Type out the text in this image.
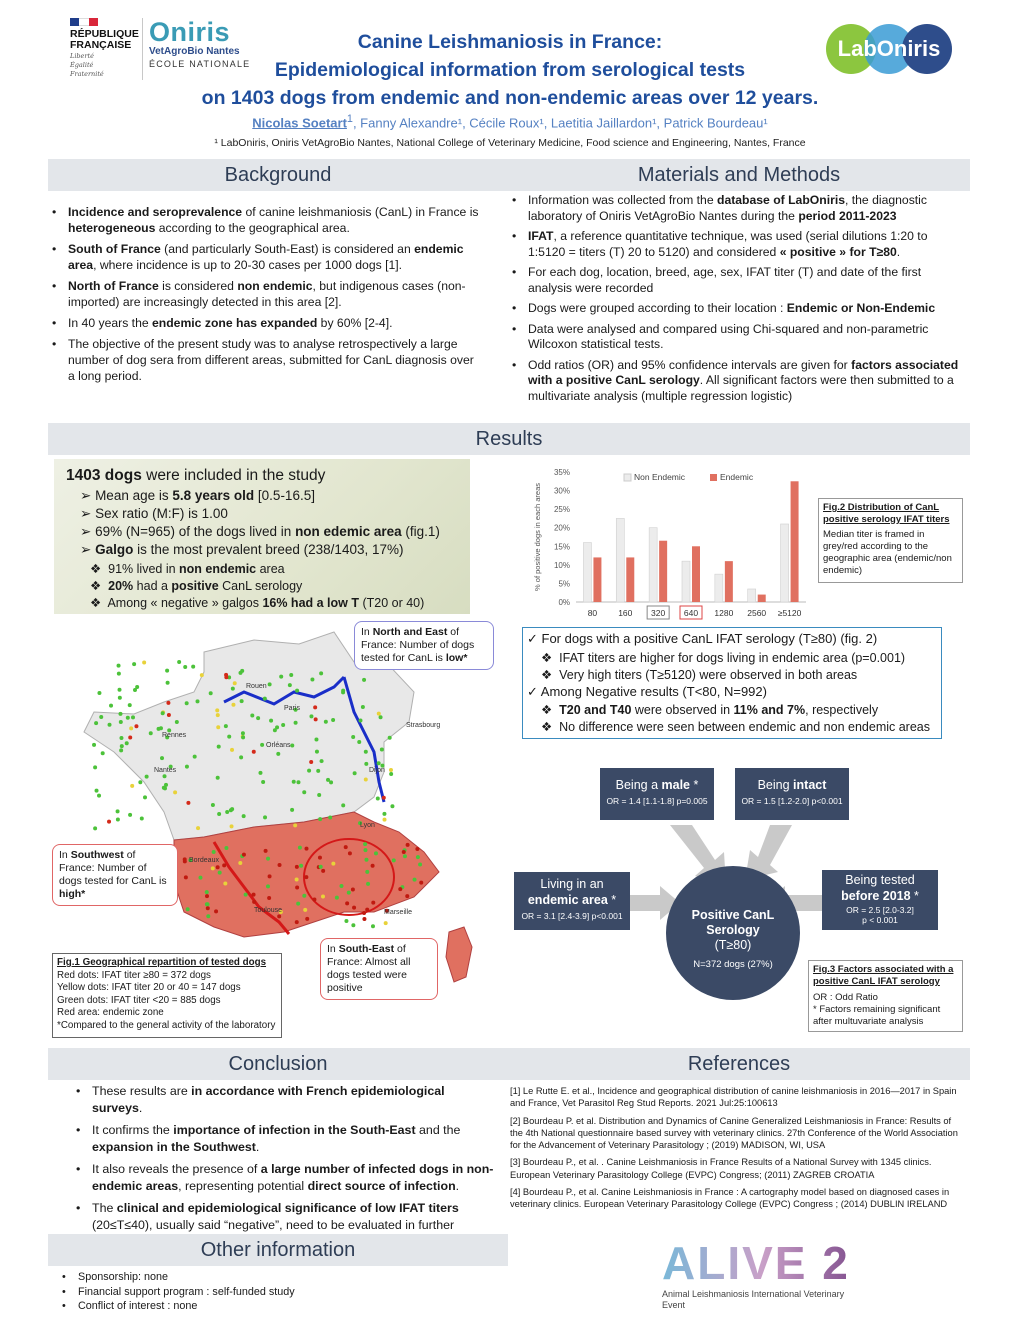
RÉPUBLIQUE
FRANÇAISE
Liberté
Égalité
Fraternité
Oniris
VetAgroBio Nantes
ÉCOLE NATIONALE
Canine Leishmaniosis in France:
Epidemiological information from serological tests
on 1403 dogs from endemic and non-endemic areas over 12 years.
Nicolas Soetart$^1$, Fanny Alexandre¹, Cécile Roux¹, Laetitia Jaillardon¹, Patrick Bourdeau¹
¹ LabOniris, Oniris VetAgroBio Nantes, National College of Veterinary Medicine, Food science and Engineering, Nantes, France
LabOniris
Background
• Incidence and seroprevalence of canine leishmaniosis (CanL) in France is heterogeneous according to the geographical area.
• South of France (and particularly South-East) is considered an endemic area, where incidence is up to 20-30 cases per 1000 dogs [1].
• North of France is considered non endemic, but indigenous cases (non-imported) are increasingly detected in this area [2].
• In 40 years the endemic zone has expanded by 60% [2-4].
• The objective of the present study was to analyse retrospectively a large number of dog sera from different areas, submitted for CanL diagnosis over a long period.
Materials and Methods
• Information was collected from the database of LabOniris, the diagnostic laboratory of Oniris VetAgroBio Nantes during the period 2011-2023
• IFAT, a reference quantitative technique, was used (serial dilutions 1:20 to 1:5120 = titers (T) 20 to 5120) and considered « positive » for T≥80.
• For each dog, location, breed, age, sex, IFAT titer (T) and date of the first analysis were recorded
• Dogs were grouped according to their location : Endemic or Non-Endemic
• Data were analysed and compared using Chi-squared and non-parametric Wilcoxon statistical tests.
• Odd ratios (OR) and 95% confidence intervals are given for factors associated with a positive CanL serology. All significant factors were then submitted to a multivariate analysis (multiple regression logistic)
Results
1403 dogs were included in the study
➢ Mean age is 5.8 years old [0.5-16.5]
➢ Sex ratio (M:F) is 1.00
➢ 69% (N=965) of the dogs lived in non edemic area (fig.1)
➢ Galgo is the most prevalent breed (238/1403, 17%)
❖  91% lived in non endemic area
❖  20% had a positive CanL serology
❖  Among « negative » galgos 16% had a low T (T20 or 40)	0%
5%
10%
15%
20%
25%
30%
35%
% of positive dogs in each areas
80 160 320 640 1280 2560 ≥5120
Non Endemic	Endemic
Fig.2 Distribution of CanL positive serology IFAT titers
Median titer is framed in grey/red according to the geographic area (endemic/non endemic)
✓ For dogs with a positive CanL IFAT serology (T≥80) (fig. 2)
❖  IFAT titers are higher for dogs living in endemic area (p=0.001)
❖  Very high titers (T≥5120) were observed in both areas
✓ Among Negative results (T<80, N=992)
❖  T20 and T40 were observed in 11% and 7%, respectively
❖  No difference were seen between endemic and non endemic areas
Rouen
Paris
Strasbourg
Rennes
Orléans
Nantes	Dijon
Lyon
Bordeaux
Toulouse	Marseille
In North and East of France: Number of dogs tested for CanL is low*
In Southwest of France: Number of dogs tested for CanL is high*
In South-East of France: Almost all dogs tested were positive
Fig.1 Geographical repartition of tested dogs
Red dots: IFAT titer ≥80 = 372 dogs
Yellow dots: IFAT titer 20 or 40 = 147 dogs
Green dots: IFAT titer <20 = 885 dogs
Red area: endemic zone
*Compared to the general activity of the laboratory
Being a male *
OR = 1.4 [1.1-1.8] p=0.005
Being intact
OR = 1.5 [1.2-2.0] p<0.001
Living in an
endemic area *
OR = 3.1 [2.4-3.9] p<0.001
Being tested
before 2018 *
OR = 2.5 [2.0-3.2]
p < 0.001
Positive CanL
Serology
(T≥80)
N=372 dogs (27%)	Fig.3 Factors associated with a positive CanL IFAT serology
OR : Odd Ratio
* Factors remaining significant after multuvariate analysis
Conclusion
• These results are in accordance with French epidemiological surveys.
• It confirms the importance of infection in the South-East and the expansion in the Southwest.
• It also reveals the presence of a large number of infected dogs in non-endemic areas, representing potential direct source of infection.
• The clinical and epidemiological significance of low IFAT titers (20≤T≤40), usually said “negative”, need to be evaluated in further
References

[1] Le Rutte E. et al., Incidence and geographical distribution of canine leishmaniosis in 2016—2017 in Spain and France, Vet Parasitol Reg Stud Reports. 2021 Jul:25:100613

[2] Bourdeau P. et al. Distribution and Dynamics of Canine Generalized Leishmaniosis in France: Results of the 4th National questionnaire based survey with veterinary clinics. 27th Conference of the World Association for the Advancement of Veterinary Parasitology ; (2019) MADISON, WI, USA

[3] Bourdeau P., et al. . Canine Leishmaniosis in France Results of a National Survey with 1345 clinics. European Veterinary Parasitology College (EVPC) Congress; (2011) ZAGREB CROATIA

[4] Bourdeau P., et al. Canine Leishmaniosis in France : A cartography model based on diagnosed cases in veterinary clinics. European Veterinary Parasitology College (EVPC) Congress ; (2014) DUBLIN IRELAND

Other information
• Sponsorship: none
• Financial support program : self-funded study
• Conflict of interest : none
ALIVE 2
Animal Leishmaniosis International Veterinary Event
